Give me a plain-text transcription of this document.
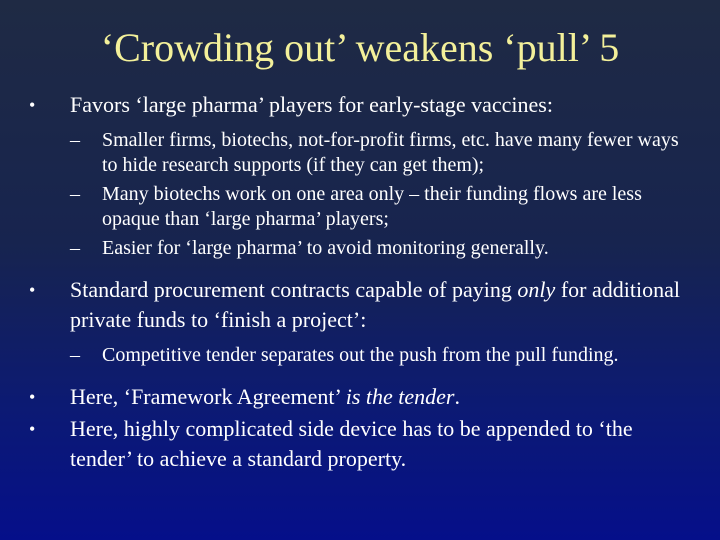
‘Crowding out’ weakens ‘pull’ 5
• Favors ‘large pharma’ players for early-stage vaccines:
– Smaller firms, biotechs, not-for-profit firms, etc. have many fewer ways to hide research supports (if they can get them);
– Many biotechs work on one area only – their funding flows are less opaque than ‘large pharma’ players;
– Easier for ‘large pharma’ to avoid monitoring generally.
• Standard procurement contracts capable of paying only for additional private funds to ‘finish a project’:
– Competitive tender separates out the push from the pull funding.
• Here, ‘Framework Agreement’ is the tender.
• Here, highly complicated side device has to be appended to ‘the tender’ to achieve a standard property.
